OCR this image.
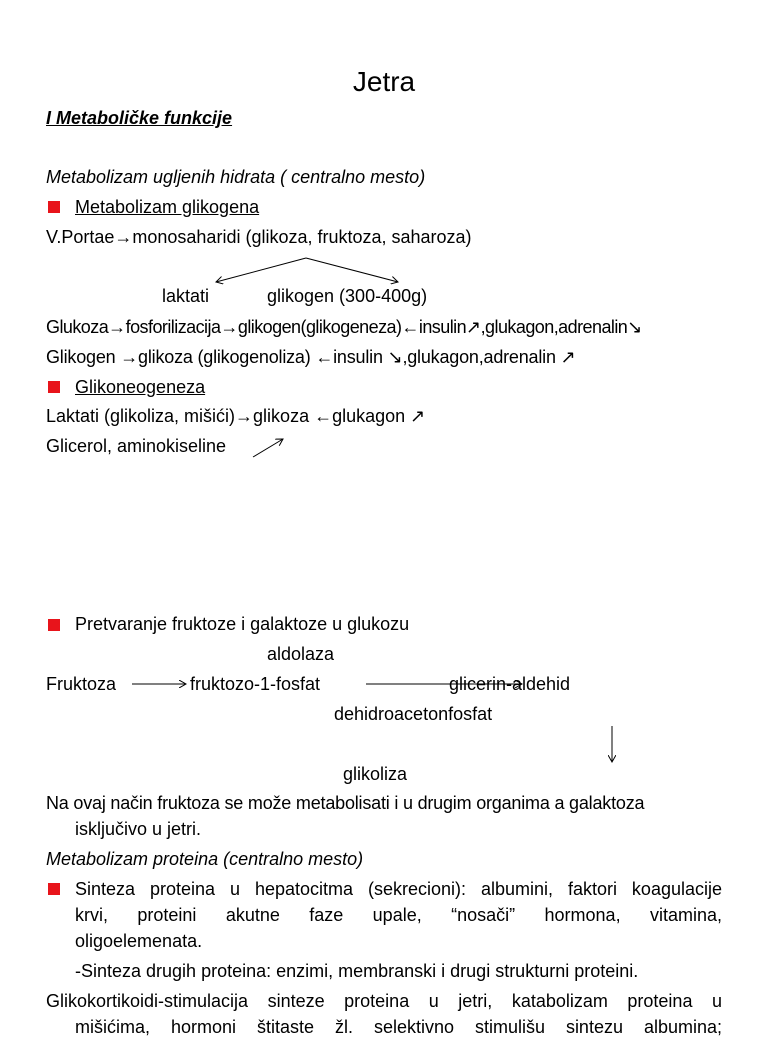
Jetra
I Metaboličke funkcije
Metabolizam ugljenih hidrata ( centralno mesto)
Metabolizam glikogena
V.Portae→monosaharidi (glikoza, fruktoza, saharoza)
laktati	glikogen (300-400g)
Glukoza→fosforilizacija→glikogen(glikogeneza)←insulin↗,glukagon,adrenalin↘
Glikogen →glikoza (glikogenoliza) ←insulin ↘,glukagon,adrenalin ↗
Glikoneogeneza
Laktati (glikoliza, mišići)→glikoza ←glukagon ↗
Glicerol, aminokiseline
Pretvaranje fruktoze i galaktoze u glukozu
aldolaza
Fruktoza	fruktozo-1-fosfat	glicerin-aldehid
dehidroacetonfosfat
glikoliza
Na ovaj način fruktoza se može metabolisati i u drugim organima a galaktoza
isključivo u jetri.
Metabolizam proteina (centralno mesto)
Sinteza proteina u hepatocitma (sekrecioni): albumini, faktori koagulacije
krvi, proteini akutne faze upale, “nosači” hormona, vitamina,
oligoelemenata.
-Sinteza drugih proteina: enzimi, membranski i drugi strukturni proteini.
Glikokortikoidi-stimulacija sinteze proteina u jetri, katabolizam proteina u
mišićima, hormoni štitaste žl. selektivno stimulišu sintezu albumina;
